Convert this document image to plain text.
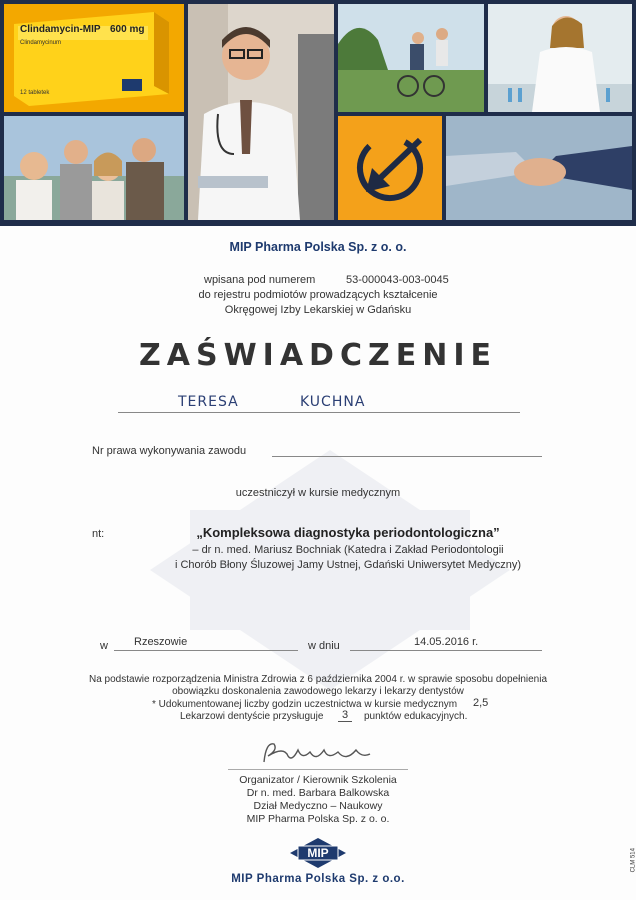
Clindamycin-MIP 600 mg
Clindamycinum
12 tabletek
MIP Pharma Polska Sp. z o. o.
wpisana pod numerem	53-000043-003-0045
do rejestru podmiotów prowadzących kształcenie
Okręgowej Izby Lekarskiej w Gdańsku
ZAŚWIADCZENIE
TERESA	KUCHNA
Nr prawa wykonywania zawodu
uczestniczył w kursie medycznym
nt:	„Kompleksowa diagnostyka periodontologiczna”
– dr n. med. Mariusz Bochniak (Katedra i Zakład Periodontologii
i Chorób Błony Śluzowej Jamy Ustnej, Gdański Uniwersytet Medyczny)
w Rzeszowie	w dniu	14.05.2016 r.
Na podstawie rozporządzenia Ministra Zdrowia z 6 października 2004 r. w sprawie sposobu dopełnienia
obowiązku doskonalenia zawodowego lekarzy i lekarzy dentystów
* Udokumentowanej liczby godzin uczestnictwa w kursie medycznym 2,5
Lekarzowi dentyście przysługuje	3	punktów edukacyjnych.
Organizator / Kierownik Szkolenia
Dr n. med. Barbara Balkowska
Dział Medyczno – Naukowy
MIP Pharma Polska Sp. z o. o.
MIP
MIP Pharma Polska Sp. z o.o.
CLM 514
